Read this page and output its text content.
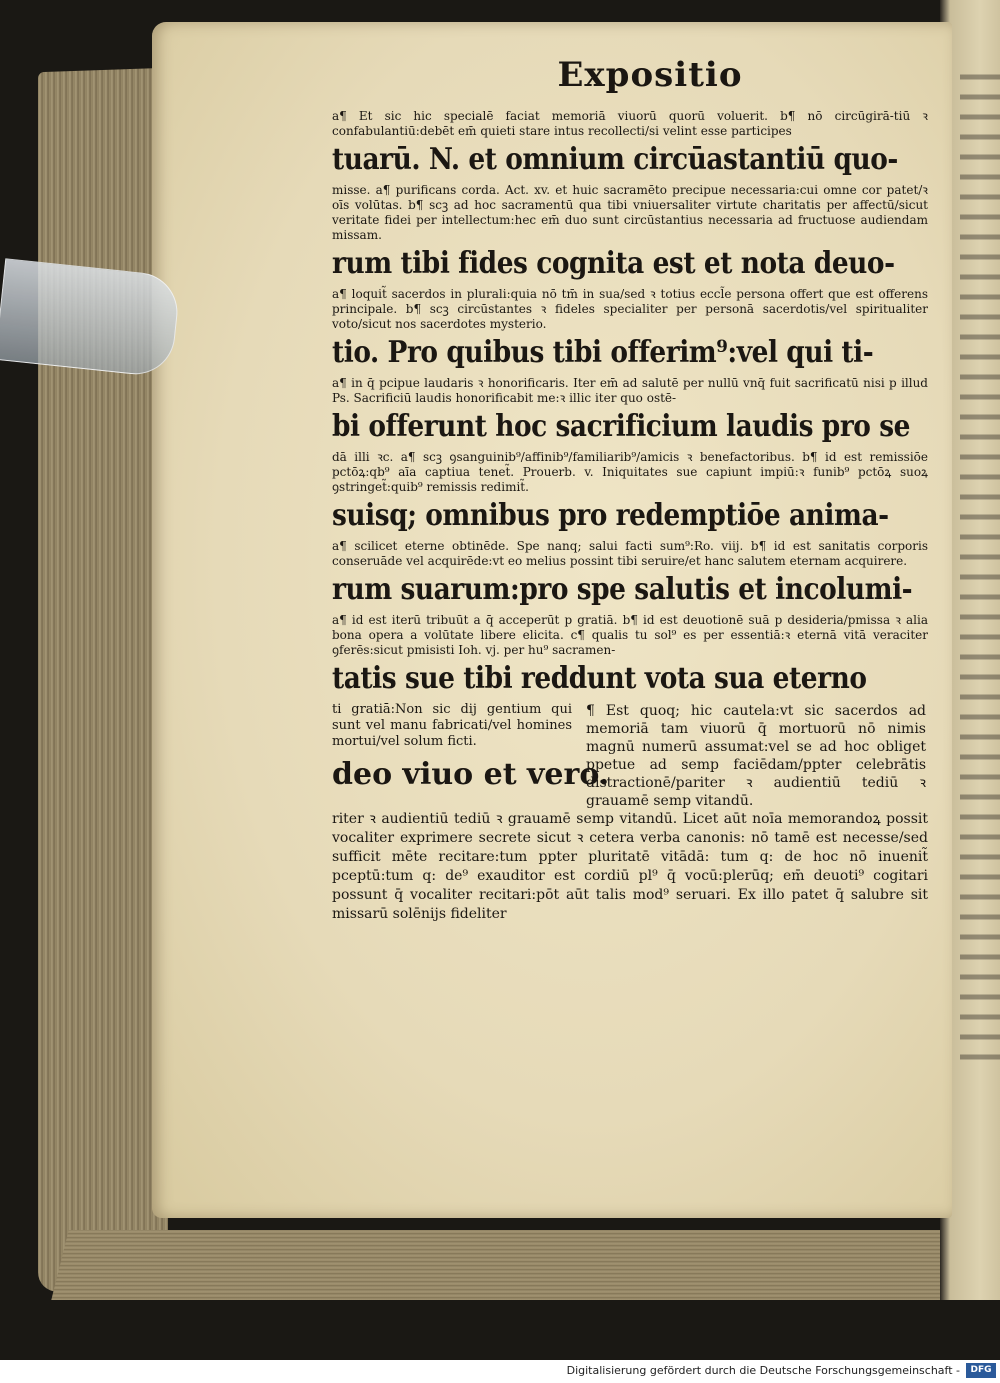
Expositio

a¶ Et sic hic specialē faciat memoriā viuorū quorū voluerit. b¶ nō circūgirā-tiū ꝛ confabulantiū:debēt em̄ quieti stare intus recollecti/si velint esse participes

tuarū. N. et omnium circūastantiū quo-

misse. a¶ purificans corda. Act. xv. et huic sacramēto precipue necessaria:cui omne cor patet/ꝛ oīs volūtas. b¶ scꝫ ad hoc sacramentū qua tibi vniuersaliter virtute charitatis per affectū/sicut veritate fidei per intellectum:hec em̄ duo sunt circūstantius necessaria ad fructuose audiendam missam.

rum tibi fides cognita est et nota deuo-

a¶ loquit̃ sacerdos in plurali:quia nō tm̄ in sua/sed ꝛ totius eccl̃e persona offert que est offerens principale. b¶ scꝫ circūstantes ꝛ fideles specialiter per personā sacerdotis/vel spiritualiter voto/sicut nos sacerdotes mysterio.

tio. Pro quibus tibi offerim⁹:vel qui ti-

a¶ in q̄ pcipue laudaris ꝛ honorificaris. Iter em̄ ad salutē per nullū vnq̄ fuit sacrificatū nisi p illud Ps. Sacrificiū laudis honorificabit me:ꝛ illic iter quo ostē-

bi offerunt hoc sacrificium laudis pro se

dā illi ꝛc. a¶ scꝫ ꝯsanguinib⁹/affinib⁹/familiarib⁹/amicis ꝛ benefactoribus. b¶ id est remissiōe pctōꝝ:qb⁹ aīa captiua tenet̃. Prouerb. v. Iniquitates sue capiunt impiū:ꝛ funib⁹ pctōꝝ suoꝝ ꝯstringet̃:quib⁹ remissis redimit̃.

suisq; omnibus pro redemptiōe anima-

a¶ scilicet eterne obtinēde. Spe nanq; salui facti sum⁹:Ro. viij. b¶ id est sanitatis corporis conseruāde vel acquirēde:vt eo melius possint tibi seruire/et hanc salutem eternam acquirere.

rum suarum:pro spe salutis et incolumi-

a¶ id est iterū tribuūt a q̄ acceperūt p gratiā. b¶ id est deuotionē suā p desideria/pmissa ꝛ alia bona opera a volūtate libere elicita. c¶ qualis tu sol⁹ es per essentiā:ꝛ eternā vitā veraciter ꝯferēs:sicut pmisisti Ioh. vj. per hu⁹ sacramen-

tatis sue tibi reddunt vota sua eterno

ti gratiā:Non sic dij gentium qui sunt vel manu fabricati/vel homines mortui/vel solum ficti.

deo viuo et vero.

¶ Est quoq; hic cautela:vt sic sacerdos ad memoriā tam viuorū q̄ mortuorū nō nimis magnū numerū assumat:vel se ad hoc obliget ppetue ad semp faciēdam/ppter celebrātis distractionē/pariter ꝛ audientiū tediū ꝛ grauamē semp vitandū.

riter ꝛ audientiū tediū ꝛ grauamē semp vitandū. Licet aūt noīa memorandoꝝ possit vocaliter exprimere secrete sicut ꝛ cetera verba canonis: nō tamē est necesse/sed sufficit mēte recitare:tum ppter pluritatē vitādā: tum q: de hoc nō inuenit̃ pceptū:tum q: de⁹ exauditor est cordiū pl⁹ q̄ vocū:plerūq; em̄ deuoti⁹ cogitari possunt q̄ vocaliter recitari:pōt aūt talis mod⁹ seruari. Ex illo patet q̄ salubre sit missarū solēnijs fideliter

Digitalisierung gefördert durch die Deutsche Forschungsgemeinschaft -	DFG
